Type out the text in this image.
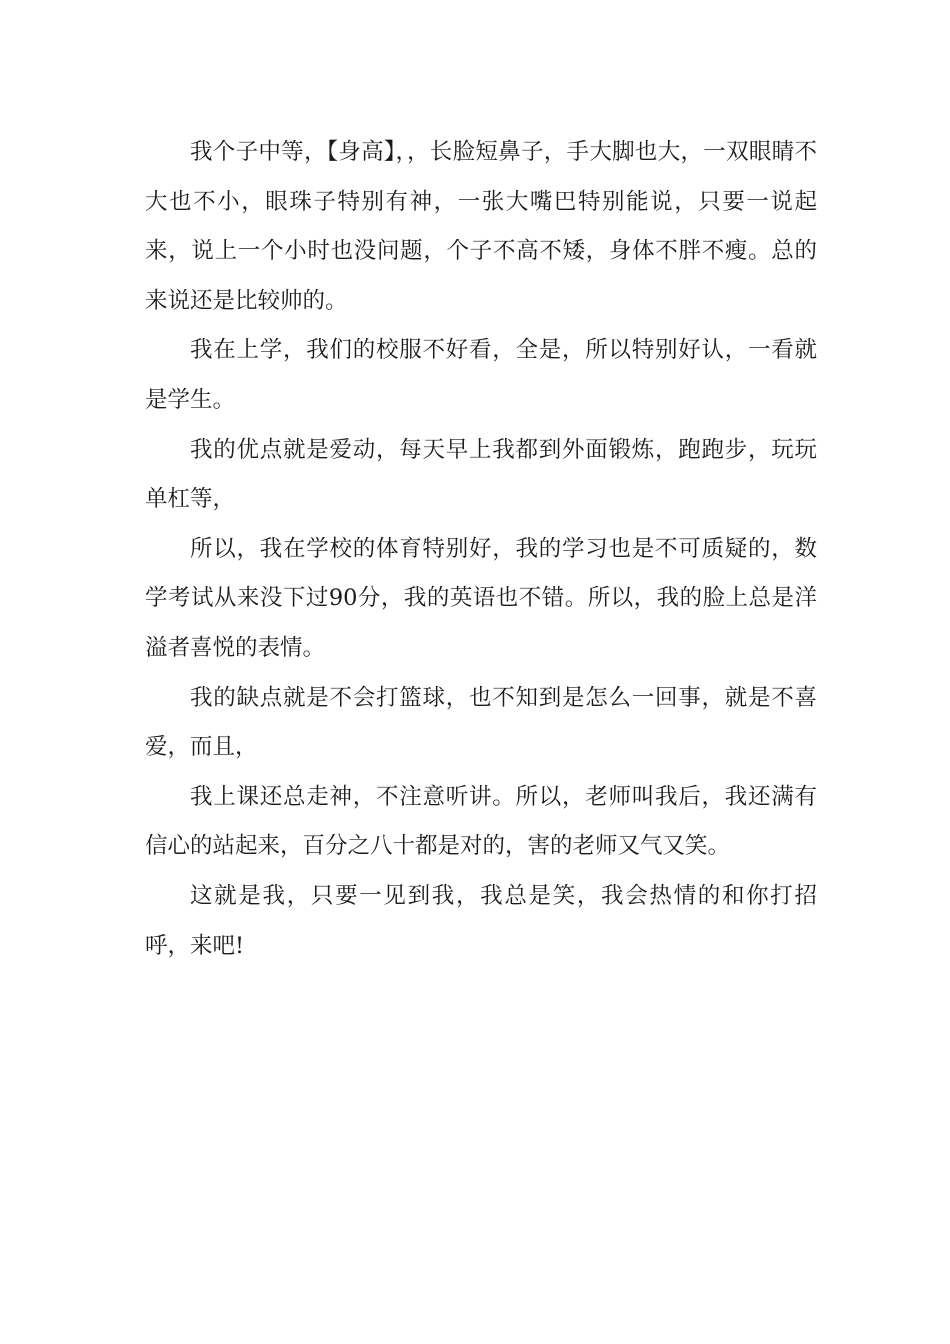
我个子中等，【身高】，，长脸短鼻子，手大脚也大，一双眼睛不大也不小，眼珠子特别有神，一张大嘴巴特别能说，只要一说起来，说上一个小时也没问题，个子不高不矮，身体不胖不瘦。总的来说还是比较帅的。

我在上学，我们的校服不好看，全是，所以特别好认，一看就是学生。

我的优点就是爱动，每天早上我都到外面锻炼，跑跑步，玩玩单杠等，

所以，我在学校的体育特别好，我的学习也是不可质疑的，数学考试从来没下过90分，我的英语也不错。所以，我的脸上总是洋溢者喜悦的表情。

我的缺点就是不会打篮球，也不知到是怎么一回事，就是不喜爱，而且，

我上课还总走神，不注意听讲。所以，老师叫我后，我还满有信心的站起来，百分之八十都是对的，害的老师又气又笑。

这就是我，只要一见到我，我总是笑，我会热情的和你打招呼，来吧!
